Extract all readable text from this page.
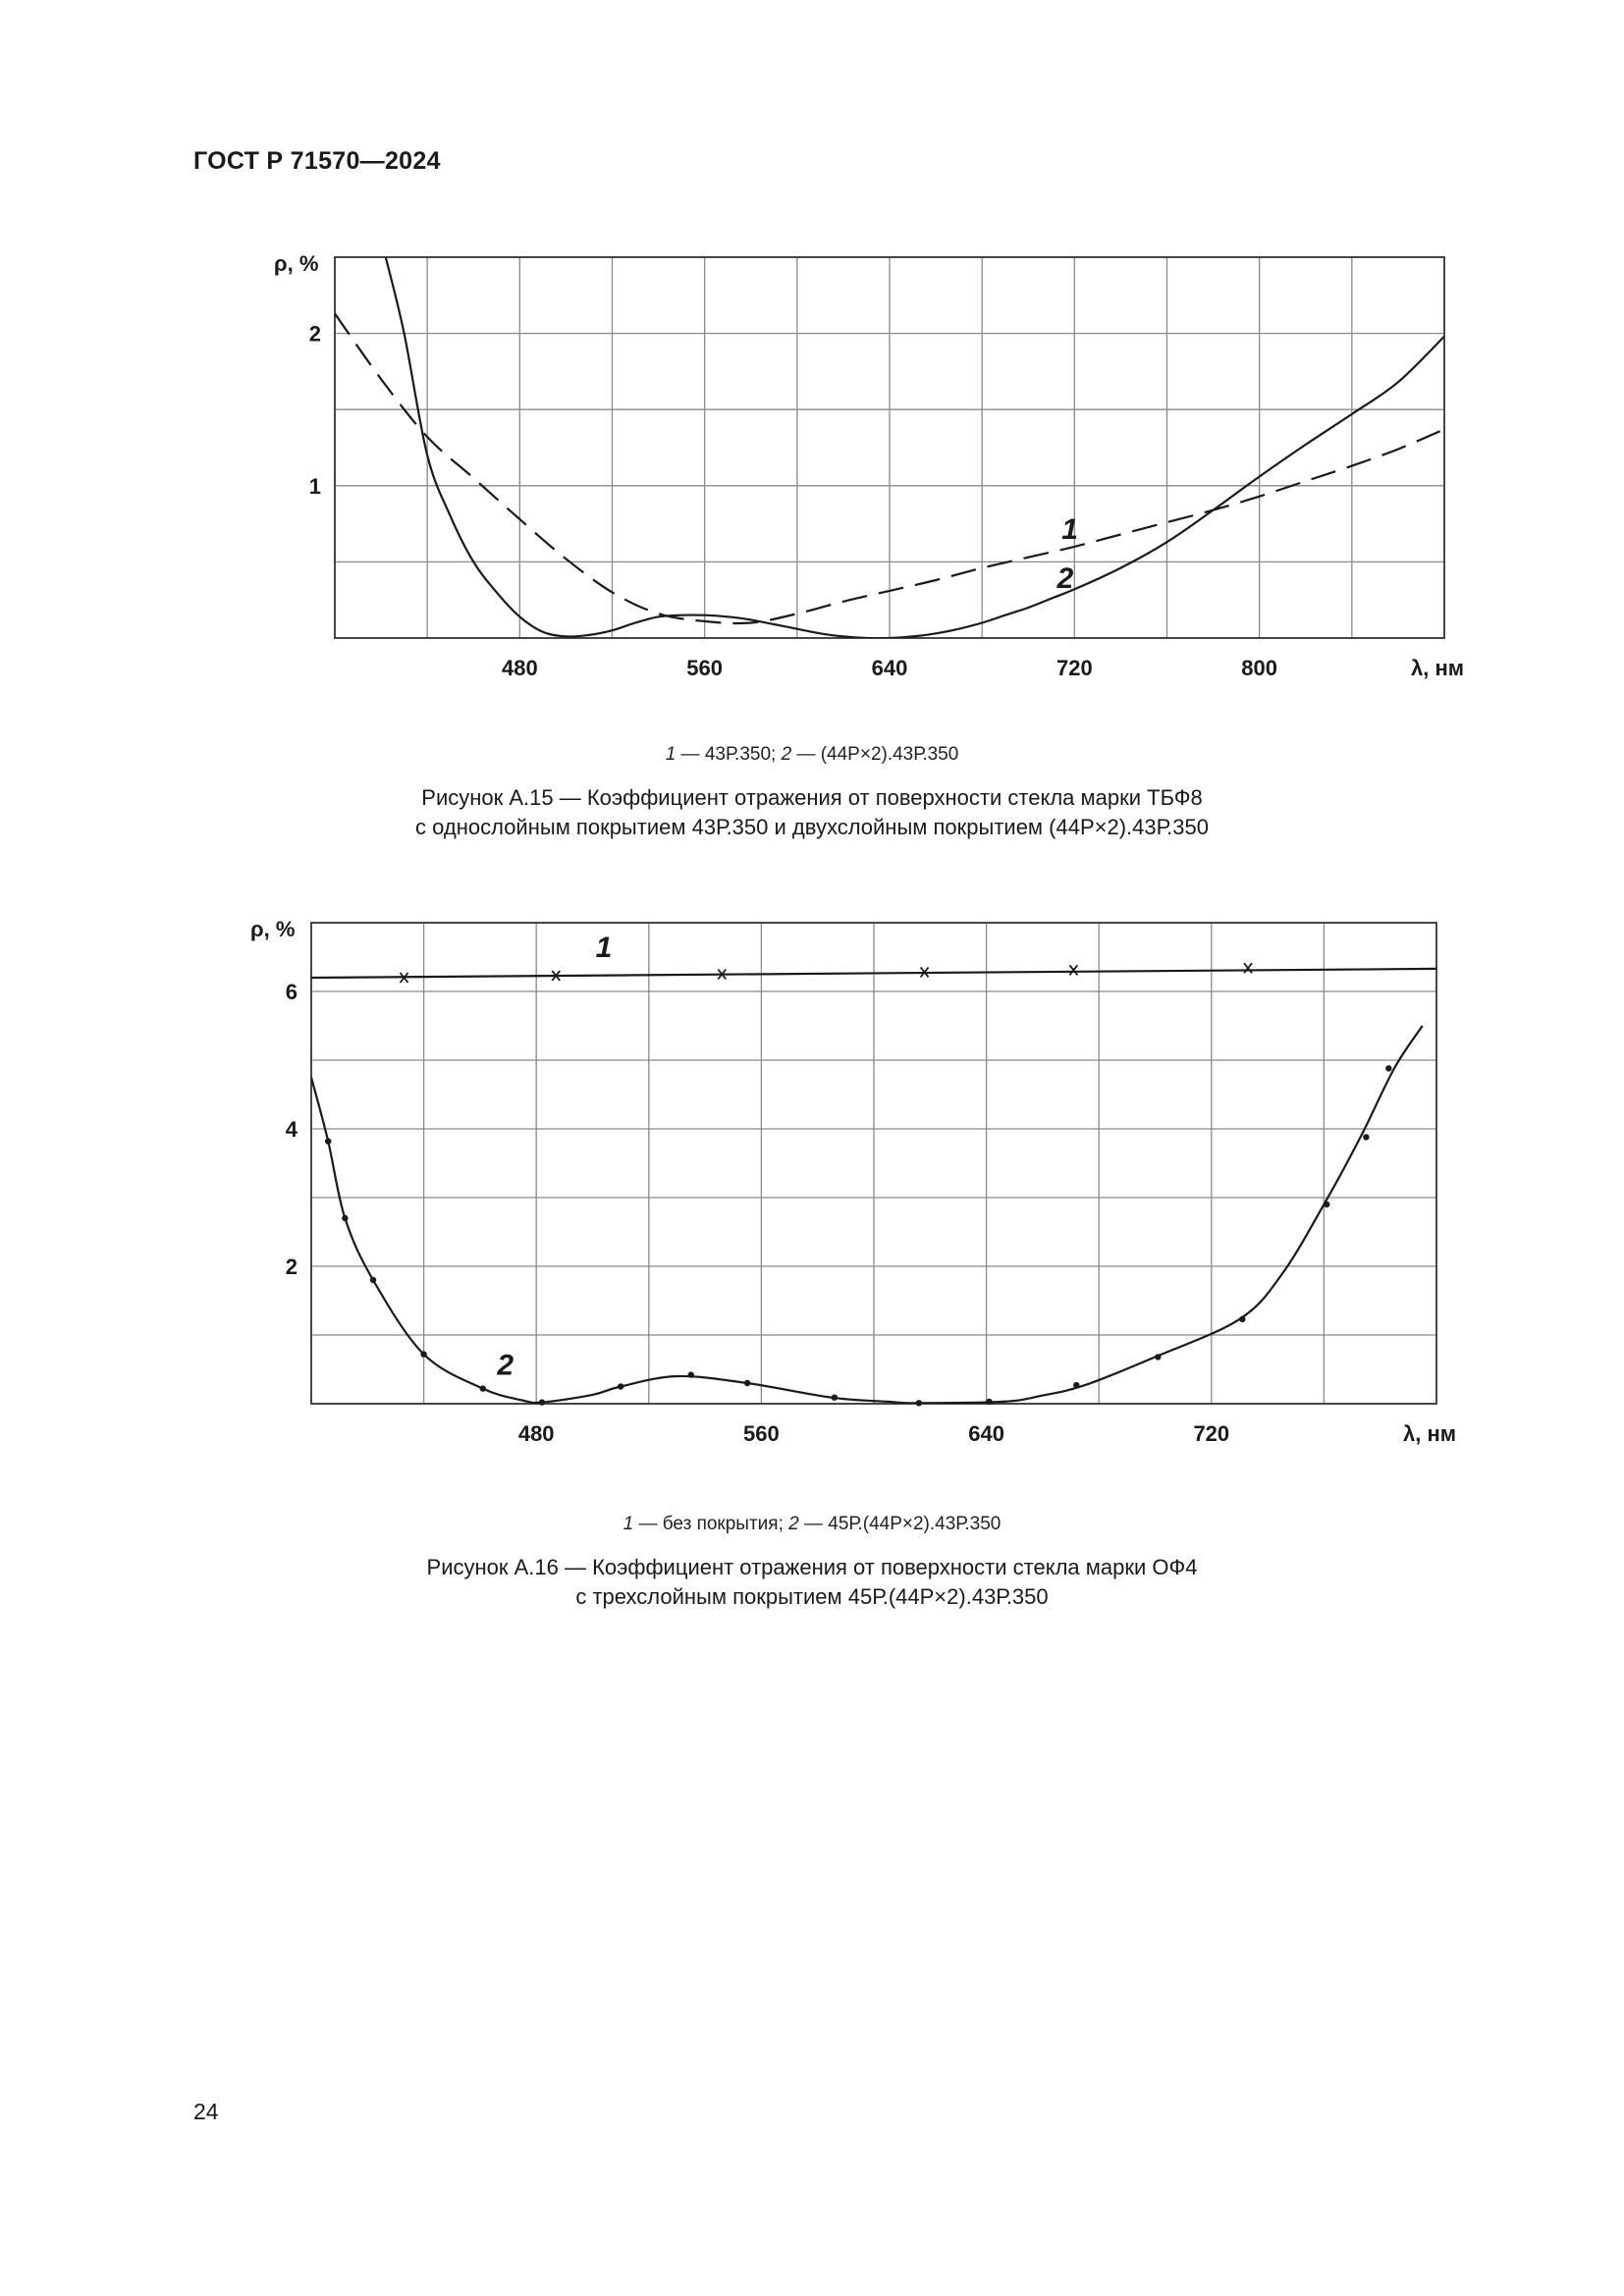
ГОСТ Р 71570—2024
480	560	640	720	800
1
2
ρ, %
λ, нм
1
2
1 — 43Р.350; 2 — (44Р×2).43Р.350
Рисунок А.15 — Коэффициент отражения от поверхности стекла марки ТБФ8
с однослойным покрытием 43Р.350 и двухслойным покрытием (44Р×2).43Р.350
480	560	640	720
2
4
6
ρ, %
λ, нм
1
2
1 — без покрытия; 2 — 45Р.(44Р×2).43Р.350
Рисунок А.16 — Коэффициент отражения от поверхности стекла марки ОФ4
с трехслойным покрытием 45Р.(44Р×2).43Р.350
24
